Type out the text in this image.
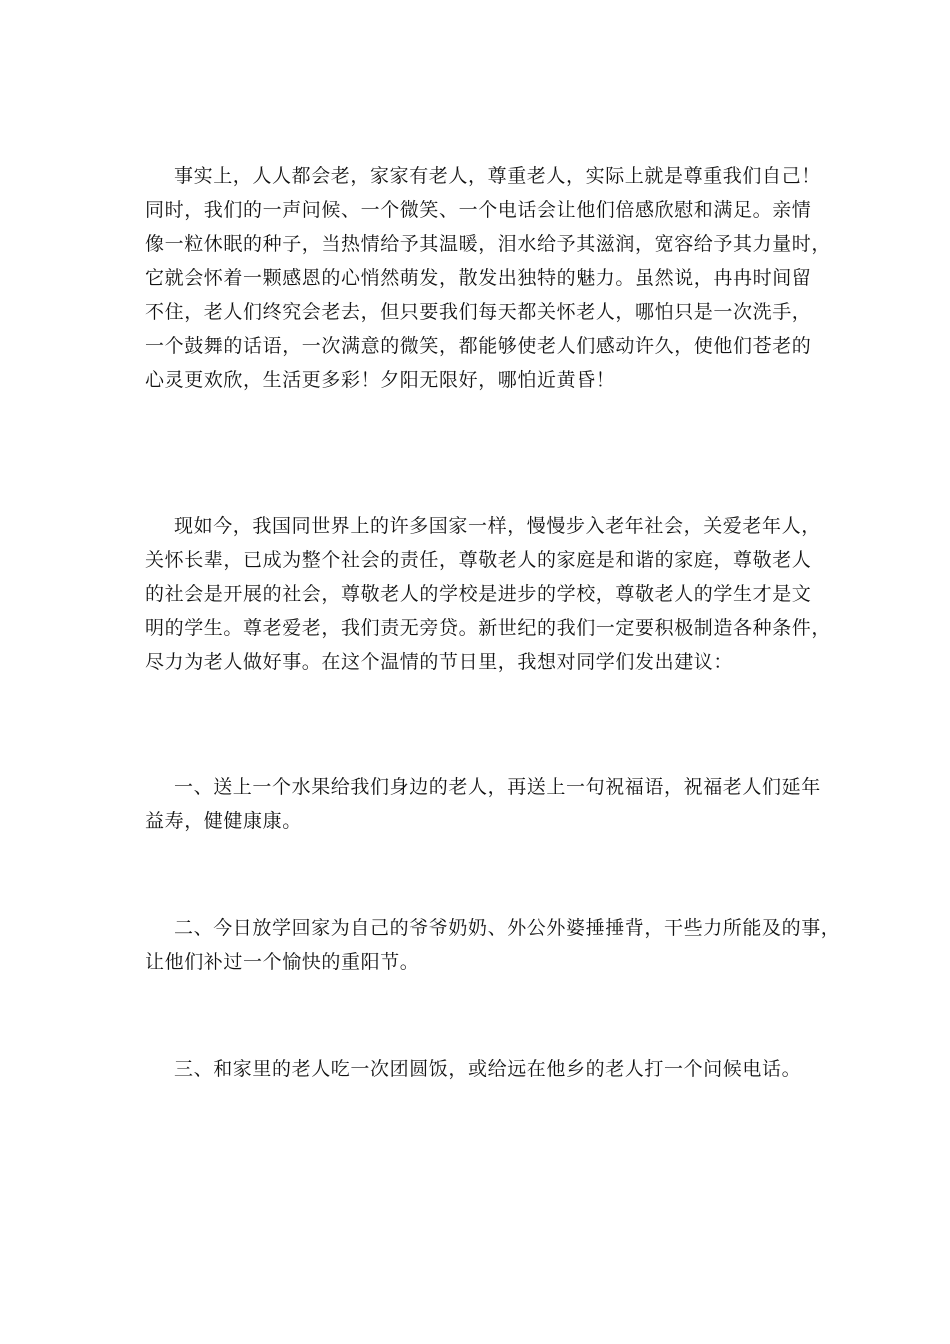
事实上，人人都会老，家家有老人，尊重老人，实际上就是尊重我们自己！
同时，我们的一声问候、一个微笑、一个电话会让他们倍感欣慰和满足。亲情
像一粒休眠的种子，当热情给予其温暖，泪水给予其滋润，宽容给予其力量时，
它就会怀着一颗感恩的心悄然萌发，散发出独特的魅力。虽然说，冉冉时间留
不住，老人们终究会老去，但只要我们每天都关怀老人，哪怕只是一次洗手，
一个鼓舞的话语，一次满意的微笑，都能够使老人们感动许久，使他们苍老的
心灵更欢欣，生活更多彩！夕阳无限好，哪怕近黄昏！
现如今，我国同世界上的许多国家一样，慢慢步入老年社会，关爱老年人，
关怀长辈，已成为整个社会的责任，尊敬老人的家庭是和谐的家庭，尊敬老人
的社会是开展的社会，尊敬老人的学校是进步的学校，尊敬老人的学生才是文
明的学生。尊老爱老，我们责无旁贷。新世纪的我们一定要积极制造各种条件，
尽力为老人做好事。在这个温情的节日里，我想对同学们发出建议：
一、送上一个水果给我们身边的老人，再送上一句祝福语，祝福老人们延年
益寿，健健康康。
二、今日放学回家为自己的爷爷奶奶、外公外婆捶捶背，干些力所能及的事，
让他们补过一个愉快的重阳节。
三、和家里的老人吃一次团圆饭，或给远在他乡的老人打一个问候电话。
